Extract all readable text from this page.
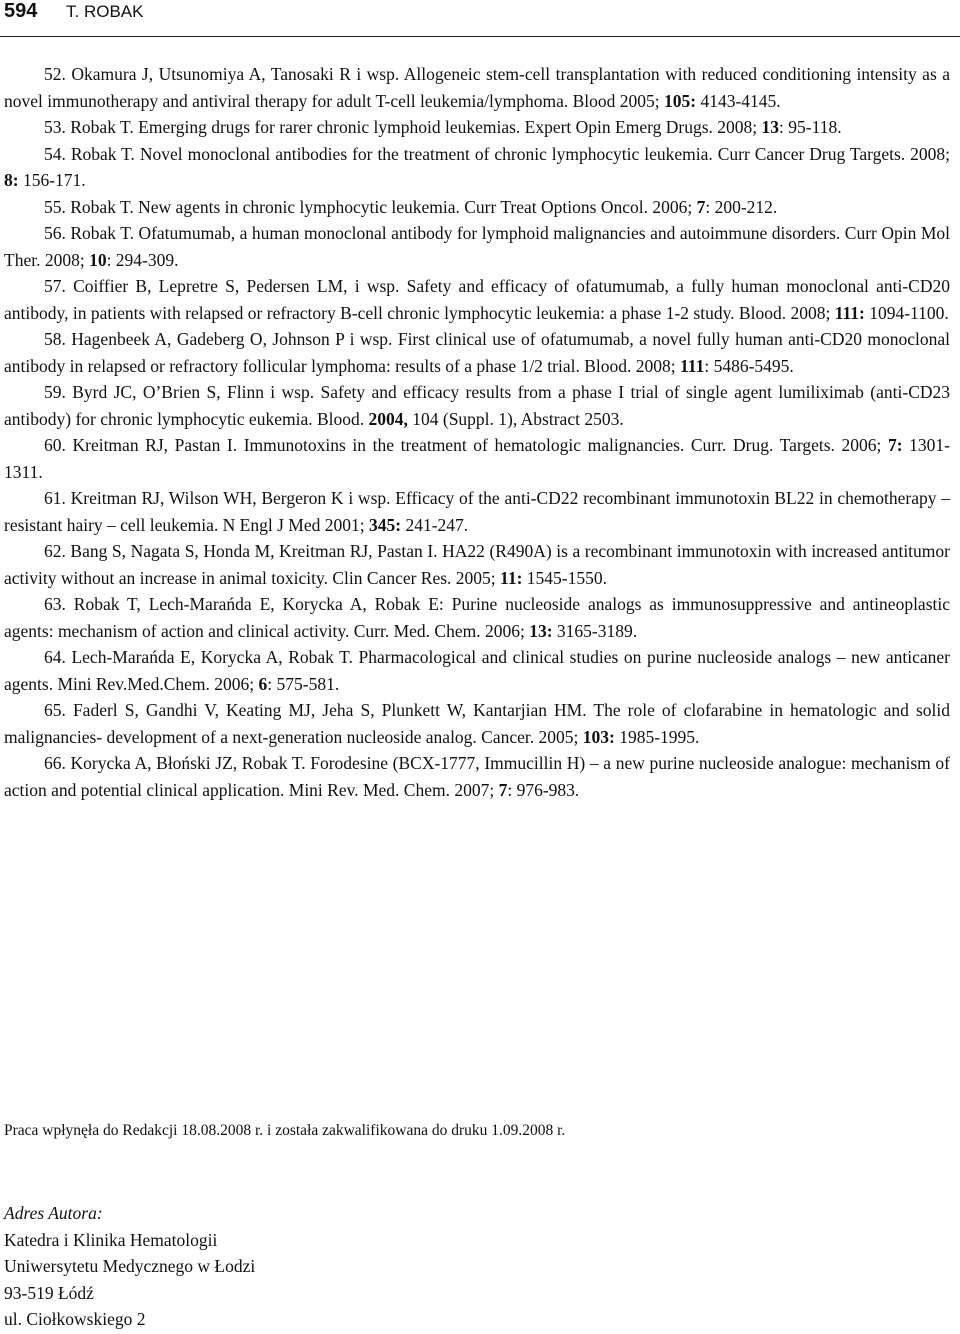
594 T. ROBAK

52. Okamura J, Utsunomiya A, Tanosaki R i wsp. Allogeneic stem-cell transplantation with reduced conditioning intensity as a novel immunotherapy and antiviral therapy for adult T-cell leukemia/lymphoma. Blood 2005; 105: 4143-4145.

53. Robak T. Emerging drugs for rarer chronic lymphoid leukemias. Expert Opin Emerg Drugs. 2008; 13: 95-118.

54. Robak T. Novel monoclonal antibodies for the treatment of chronic lymphocytic leukemia. Curr Cancer Drug Targets. 2008; 8: 156-171.

55. Robak T. New agents in chronic lymphocytic leukemia. Curr Treat Options Oncol. 2006; 7: 200-212.

56. Robak T. Ofatumumab, a human monoclonal antibody for lymphoid malignancies and autoimmune disorders. Curr Opin Mol Ther. 2008; 10: 294-309.

57. Coiffier B, Lepretre S, Pedersen LM, i wsp. Safety and efficacy of ofatumumab, a fully human monoclonal anti-CD20 antibody, in patients with relapsed or refractory B-cell chronic lymphocytic leukemia: a phase 1-2 study. Blood. 2008; 111: 1094-1100.

58. Hagenbeek A, Gadeberg O, Johnson P i wsp. First clinical use of ofatumumab, a novel fully human anti-CD20 monoclonal antibody in relapsed or refractory follicular lymphoma: results of a phase 1/2 trial. Blood. 2008; 111: 5486-5495.

59. Byrd JC, O’Brien S, Flinn i wsp. Safety and efficacy results from a phase I trial of single agent lumiliximab (anti-CD23 antibody) for chronic lymphocytic eukemia. Blood. 2004, 104 (Suppl. 1), Abstract 2503.

60. Kreitman RJ, Pastan I. Immunotoxins in the treatment of hematologic malignancies. Curr. Drug. Targets. 2006; 7: 1301-1311.

61. Kreitman RJ, Wilson WH, Bergeron K i wsp. Efficacy of the anti-CD22 recombinant immunotoxin BL22 in chemotherapy – resistant hairy – cell leukemia. N Engl J Med 2001; 345: 241-247.

62. Bang S, Nagata S, Honda M, Kreitman RJ, Pastan I. HA22 (R490A) is a recombinant immunotoxin with increased antitumor activity without an increase in animal toxicity. Clin Cancer Res. 2005; 11: 1545-1550.

63. Robak T, Lech-Marańda E, Korycka A, Robak E: Purine nucleoside analogs as immunosuppressive and antineoplastic agents: mechanism of action and clinical activity. Curr. Med. Chem. 2006; 13: 3165-3189.

64. Lech-Marańda E, Korycka A, Robak T. Pharmacological and clinical studies on purine nucleoside analogs – new anticaner agents. Mini Rev.Med.Chem. 2006; 6: 575-581.

65. Faderl S, Gandhi V, Keating MJ, Jeha S, Plunkett W, Kantarjian HM. The role of clofarabine in hematologic and solid malignancies- development of a next-generation nucleoside analog. Cancer. 2005; 103: 1985-1995.

66. Korycka A, Błoński JZ, Robak T. Forodesine (BCX-1777, Immucillin H) – a new purine nucleoside analogue: mechanism of action and potential clinical application. Mini Rev. Med. Chem. 2007; 7: 976-983.

Praca wpłynęła do Redakcji 18.08.2008 r. i została zakwalifikowana do druku 1.09.2008 r.
Adres Autora:
Katedra i Klinika Hematologii
Uniwersytetu Medycznego w Łodzi
93-519 Łódź
ul. Ciołkowskiego 2
